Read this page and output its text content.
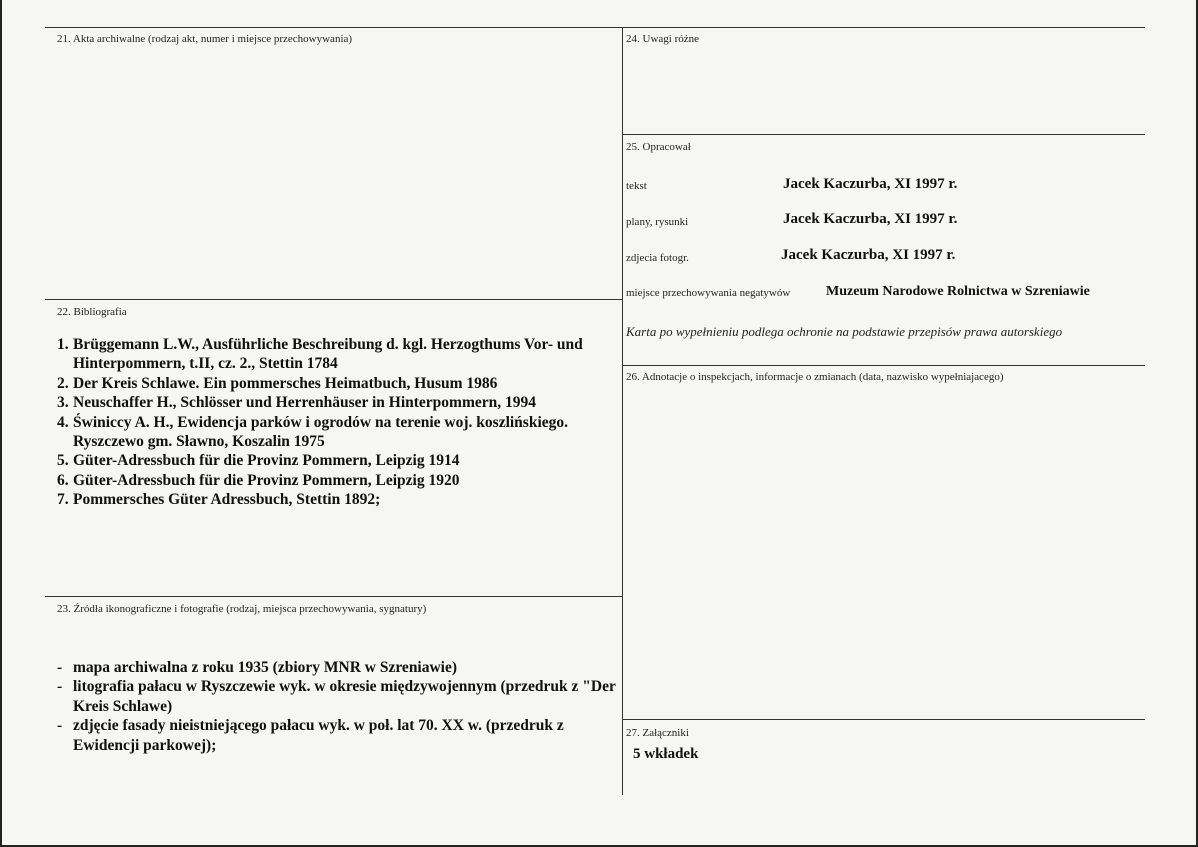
21. Akta archiwalne (rodzaj akt, numer i miejsce przechowywania)
22. Bibliografia
1. Brüggemann L.W., Ausführliche Beschreibung d. kgl. Herzogthums Vor- und Hinterpommern, t.II, cz. 2., Stettin 1784
2. Der Kreis Schlawe. Ein pommersches Heimatbuch, Husum 1986
3. Neuschaffer H., Schlösser und Herrenhäuser in Hinterpommern, 1994
4. Świniccy A. H., Ewidencja parków i ogrodów na terenie woj. koszlińskiego. Ryszczewo gm. Sławno, Koszalin 1975
5. Güter-Adressbuch für die Provinz Pommern, Leipzig 1914
6. Güter-Adressbuch für die Provinz Pommern, Leipzig 1920
7. Pommersches Güter Adressbuch, Stettin 1892;
23. Źródła ikonograficzne i fotografie (rodzaj, miejsca przechowywania, sygnatury)
- mapa archiwalna z roku 1935 (zbiory MNR w Szreniawie)
- litografia pałacu w Ryszczewie wyk. w okresie międzywojennym (przedruk z "Der Kreis Schlawe)
- zdjęcie fasady nieistniejącego pałacu wyk. w poł. lat 70. XX w. (przedruk z Ewidencji parkowej);
24. Uwagi różne
25. Opracował
tekst	Jacek Kaczurba, XI 1997 r.
plany, rysunki	Jacek Kaczurba, XI 1997 r.
zdjecia fotogr.	Jacek Kaczurba, XI 1997 r.
miejsce przechowywania negatywów	Muzeum Narodowe Rolnictwa w Szreniawie
Karta po wypełnieniu podlega ochronie na podstawie przepisów prawa autorskiego
26. Adnotacje o inspekcjach, informacje o zmianach (data, nazwisko wypełniajacego)
27. Załączniki
5 wkładek
